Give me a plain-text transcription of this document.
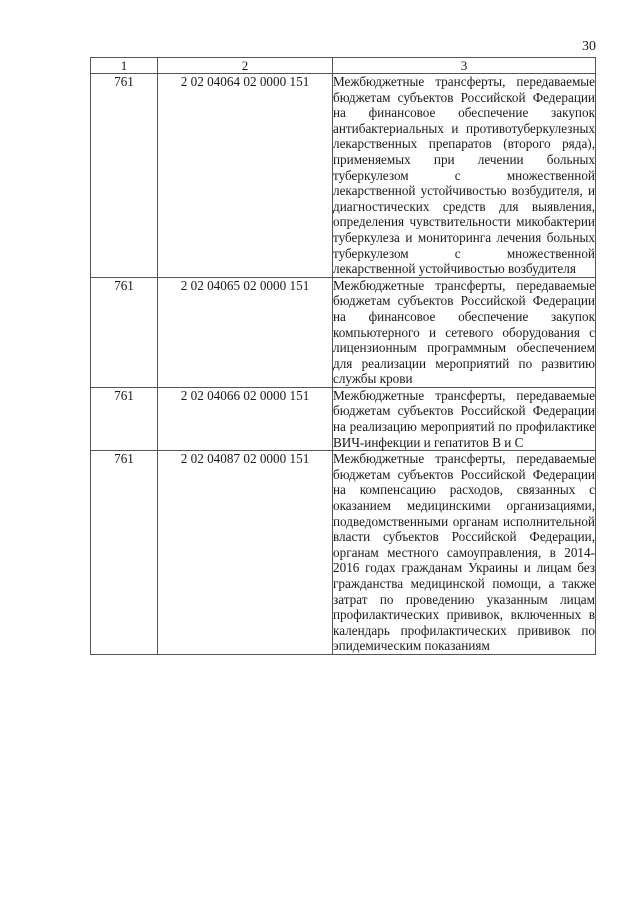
30
1	2	3
761	2 02 04064 02 0000 151	Межбюджетные трансферты, передаваемые бюджетам субъектов Российской Федерации на финансовое обеспечение закупок антибактериальных и противотуберкулезных лекарственных препаратов (второго ряда), применяемых при лечении больных туберкулезом с множественной лекарственной устойчивостью возбудителя, и диагностических средств для выявления, определения чувствительности микобактерии туберкулеза и мониторинга лечения больных туберкулезом с множественной лекарственной устойчивостью возбудителя
761	2 02 04065 02 0000 151	Межбюджетные трансферты, передаваемые бюджетам субъектов Российской Федерации на финансовое обеспечение закупок компьютерного и сетевого оборудования с лицензионным программным обеспечением для реализации мероприятий по развитию службы крови
761	2 02 04066 02 0000 151	Межбюджетные трансферты, передаваемые бюджетам субъектов Российской Федерации на реализацию мероприятий по профилактике ВИЧ-инфекции и гепатитов В и С
761	2 02 04087 02 0000 151	Межбюджетные трансферты, передаваемые бюджетам субъектов Российской Федерации на компенсацию расходов, связанных с оказанием медицинскими организациями, подведомственными органам исполнительной власти субъектов Российской Федерации, органам местного самоуправления, в 2014-2016 годах гражданам Украины и лицам без гражданства медицинской помощи, а также затрат по проведению указанным лицам профилактических прививок, включенных в календарь профилактических прививок по эпидемическим показаниям
